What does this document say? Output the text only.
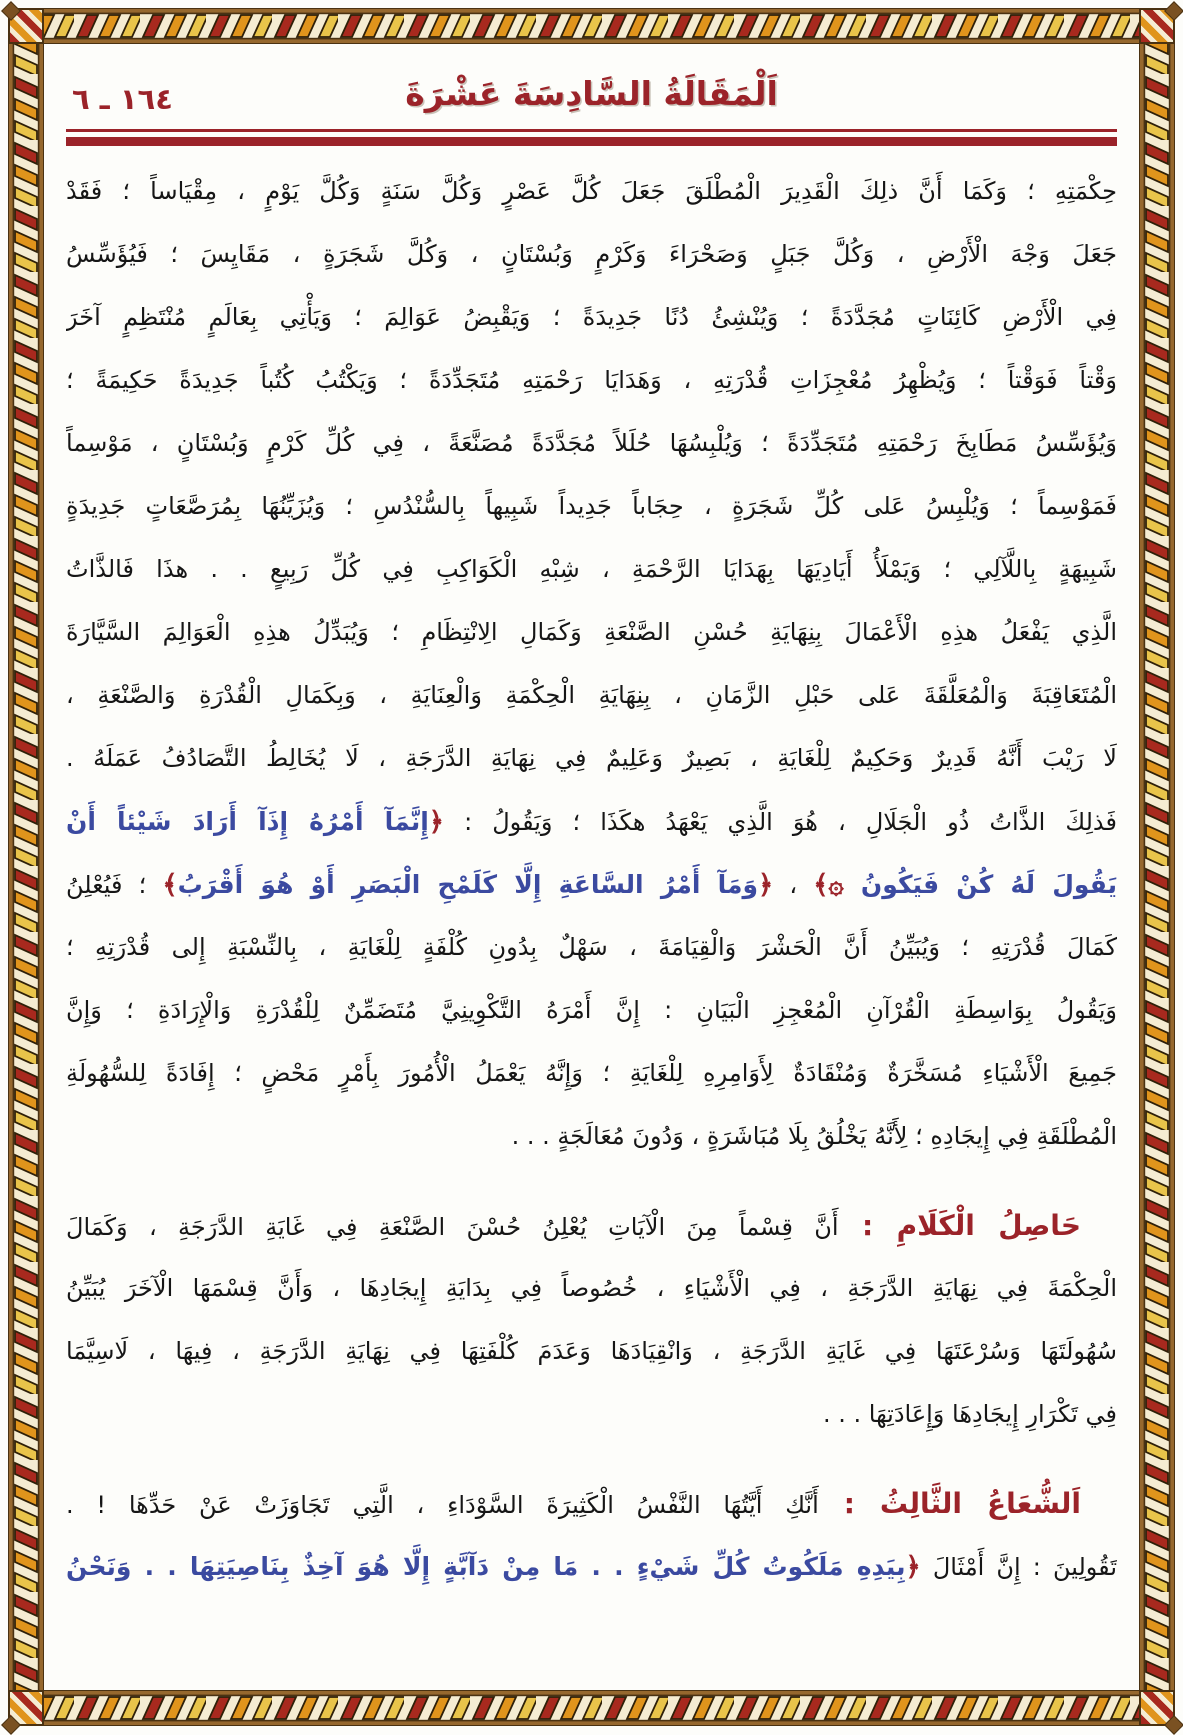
اَلْمَقَالَةُ السَّادِسَةَ عَشْرَةَ
١٦٤ ـ ٦
حِكْمَتِهِ ؛ وَكَمَا أَنَّ ذلِكَ الْقَدِيرَ الْمُطْلَقَ جَعَلَ كُلَّ عَصْرٍ وَكُلَّ سَنَةٍ وَكُلَّ يَوْمٍ ، مِقْيَاساً ؛ فَقَدْ
جَعَلَ وَجْهَ الْأَرْضِ ، وَكُلَّ جَبَلٍ وَصَحْرَاءَ وَكَرْمٍ وَبُسْتَانٍ ، وَكُلَّ شَجَرَةٍ ، مَقَايِسَ ؛ فَيُؤَسِّسُ
فِي الْأَرْضِ كَائِنَاتٍ مُجَدَّدَةً ؛ وَيُنْشِئُ دُنًا جَدِيدَةً ؛ وَيَقْبِضُ عَوَالِمَ ؛ وَيَأْتِي بِعَالَمٍ مُنْتَظِمٍ آخَرَ
وَقْتاً فَوَقْتاً ؛ وَيُظْهِرُ مُعْجِزَاتِ قُدْرَتِهِ ، وَهَدَايَا رَحْمَتِهِ مُتَجَدِّدَةً ؛ وَيَكْتُبُ كُتُباً جَدِيدَةً حَكِيمَةً ؛
وَيُؤَسِّسُ مَطَابِخَ رَحْمَتِهِ مُتَجَدِّدَةً ؛ وَيُلْبِسُهَا حُلَلاً مُجَدَّدَةً مُصَنَّعَةً ، فِي كُلِّ كَرْمٍ وَبُسْتَانٍ ، مَوْسِماً
فَمَوْسِماً ؛ وَيُلْبِسُ عَلى كُلِّ شَجَرَةٍ ، حِجَاباً جَدِيداً شَبِيهاً بِالسُّنْدُسِ ؛ وَيُزَيِّنُهَا بِمُرَصَّعَاتٍ جَدِيدَةٍ
شَبِيهَةٍ بِاللَّآلِي ؛ وَيَمْلَأُ أَيَادِيَهَا بِهَدَايَا الرَّحْمَةِ ، شِبْهِ الْكَوَاكِبِ فِي كُلِّ رَبِيعٍ . . هذَا فَالذَّاتُ
الَّذِي يَفْعَلُ هذِهِ الْأَعْمَالَ بِنِهَايَةِ حُسْنِ الصَّنْعَةِ وَكَمَالِ الِانْتِظَامِ ؛ وَيُبَدِّلُ هذِهِ الْعَوَالِمَ السَّيَّارَةَ
الْمُتَعَاقِبَةَ وَالْمُعَلَّقَةَ عَلى حَبْلِ الزَّمَانِ ، بِنِهَايَةِ الْحِكْمَةِ وَالْعِنَايَةِ ، وَبِكَمَالِ الْقُدْرَةِ وَالصَّنْعَةِ ،
لَا رَيْبَ أَنَّهُ قَدِيرٌ وَحَكِيمٌ لِلْغَايَةِ ، بَصِيرٌ وَعَلِيمٌ فِي نِهَايَةِ الدَّرَجَةِ ، لَا يُخَالِطُ التَّصَادُفُ عَمَلَهُ .
فَذلِكَ الذَّاتُ ذُو الْجَلَالِ ، هُوَ الَّذِي يَعْهَدُ هكَذَا ؛ وَيَقُولُ : ﴿إِنَّمَآ أَمْرُهُ إِذَآ أَرَادَ شَيْئاً أَنْ
يَقُولَ لَهُ كُنْ فَيَكُونُ ۞﴾ ، ﴿وَمَآ أَمْرُ السَّاعَةِ إِلَّا كَلَمْحِ الْبَصَرِ أَوْ هُوَ أَقْرَبُ﴾ ؛ فَيُعْلِنُ
كَمَالَ قُدْرَتِهِ ؛ وَيُبَيِّنُ أَنَّ الْحَشْرَ وَالْقِيَامَةَ ، سَهْلٌ بِدُونِ كُلْفَةٍ لِلْغَايَةِ ، بِالنِّسْبَةِ إِلى قُدْرَتِهِ ؛
وَيَقُولُ بِوَاسِطَةِ الْقُرْآنِ الْمُعْجِزِ الْبَيَانِ : إِنَّ أَمْرَهُ التَّكْوِينِيَّ مُتَضَمِّنٌ لِلْقُدْرَةِ وَالْإِرَادَةِ ؛ وَإِنَّ
جَمِيعَ الْأَشْيَاءِ مُسَخَّرَةٌ وَمُنْقَادَةٌ لِأَوَامِرِهِ لِلْغَايَةِ ؛ وَإِنَّهُ يَعْمَلُ الْأُمُورَ بِأَمْرٍ مَحْضٍ ؛ إِفَادَةً لِلسُّهُولَةِ
الْمُطْلَقَةِ فِي إِيجَادِهِ ؛ لِأَنَّهُ يَخْلُقُ بِلَا مُبَاشَرَةٍ ، وَدُونَ مُعَالَجَةٍ . . .
حَاصِلُ الْكَلَامِ : أَنَّ قِسْماً مِنَ الْآيَاتِ يُعْلِنُ حُسْنَ الصَّنْعَةِ فِي غَايَةِ الدَّرَجَةِ ، وَكَمَالَ
الْحِكْمَةَ فِي نِهَايَةِ الدَّرَجَةِ ، فِي الْأَشْيَاءِ ، خُصُوصاً فِي بِدَايَةِ إِيجَادِهَا ، وَأَنَّ قِسْمَهَا الْآخَرَ يُبَيِّنُ
سُهُولَتَهَا وَسُرْعَتَهَا فِي غَايَةِ الدَّرَجَةِ ، وَانْقِيَادَهَا وَعَدَمَ كُلْفَتِهَا فِي نِهَايَةِ الدَّرَجَةِ ، فِيهَا ، لَاسِيَّمَا
فِي تَكْرَارِ إِيجَادِهَا وَإِعَادَتِهَا . . .
اَلشُّعَاعُ الثَّالِثُ : أَنَّكِ أَيَّتُهَا النَّفْسُ الْكَثِيرَةَ السَّوْدَاءِ ، الَّتِي تَجَاوَزَتْ عَنْ حَدِّهَا ! .
تَقُولِينَ : إِنَّ أَمْثَالَ ﴿بِيَدِهِ مَلَكُوتُ كُلِّ شَيْءٍ . . مَا مِنْ دَآبَّةٍ إِلَّا هُوَ آخِذٌ بِنَاصِيَتِهَا . . وَنَحْنُ
